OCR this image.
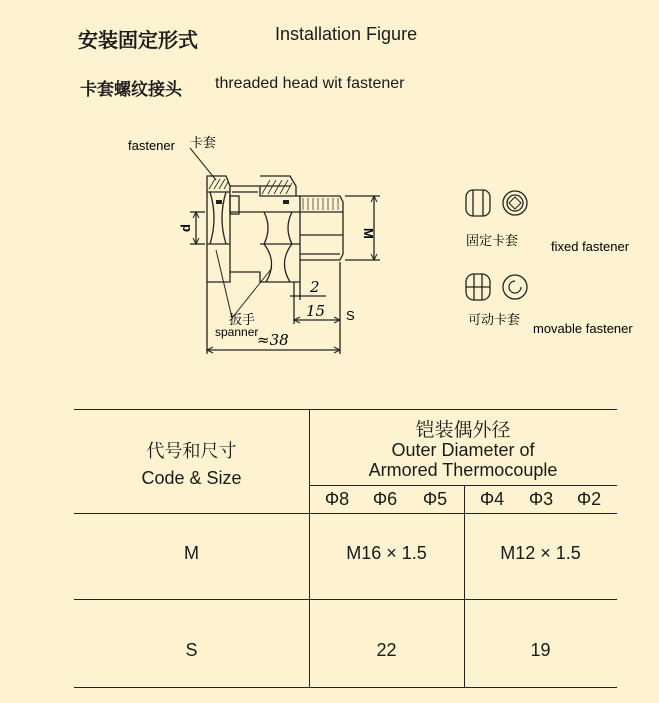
安装固定形式	Installation Figure
卡套螺纹接头 threaded head wit fastener
fastener 卡套
d	M
2
15 S
≈38
扳手
spanner
固定卡套	fixed fastener
可动卡套
movable fastener
代号和尺寸
Code & Size
铠装偶外径
Outer Diameter of
Armored Thermocouple
Φ8	Φ6	Φ5	Φ4	Φ3	Φ2
M	M16 × 1.5	M12 × 1.5
S	22	19
